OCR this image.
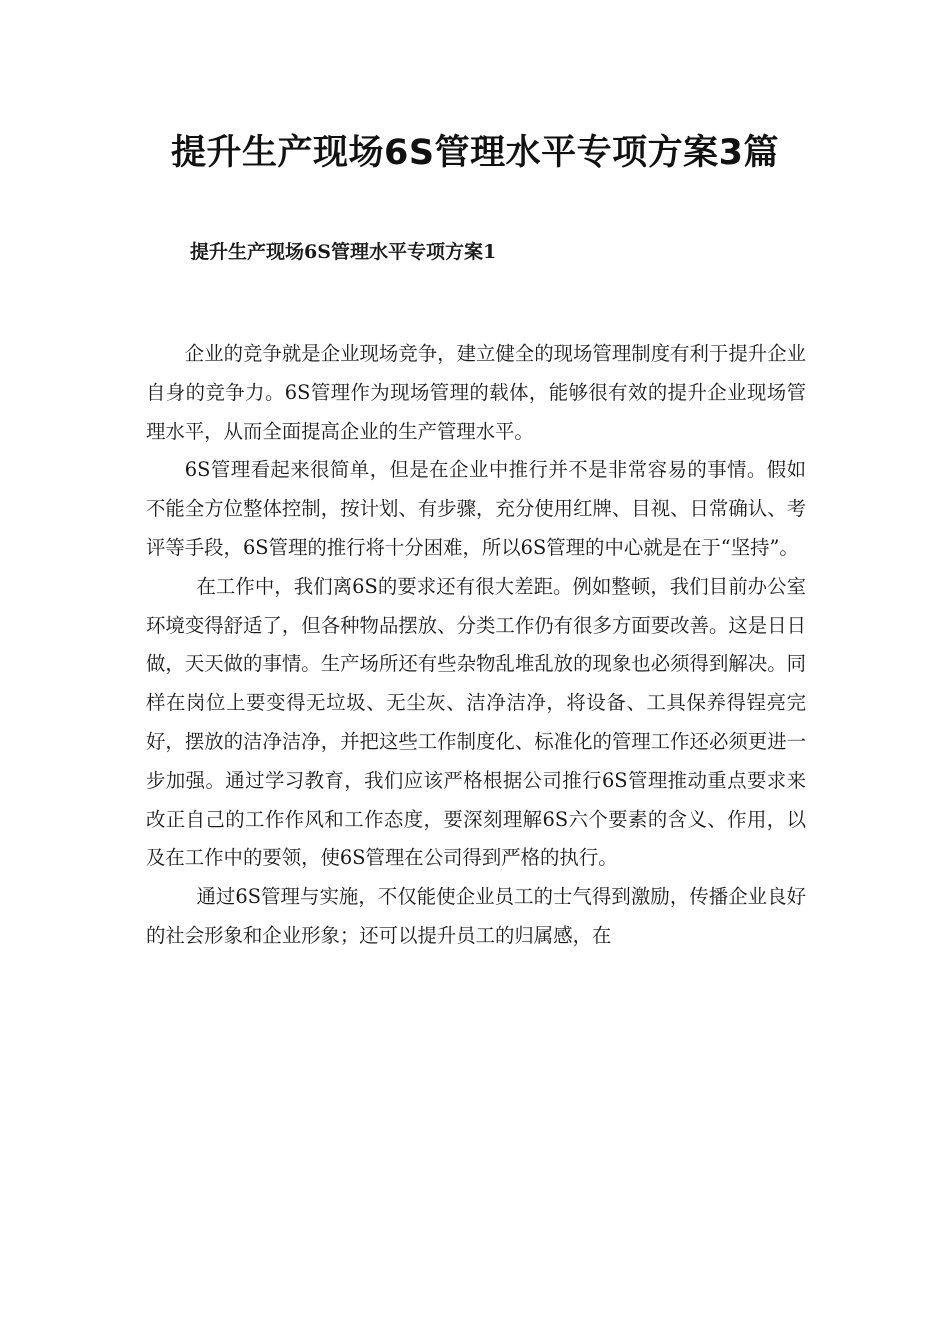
提升生产现场6S管理水平专项方案3篇
提升生产现场6S管理水平专项方案1

企业的竞争就是企业现场竞争，建立健全的现场管理制度有利于提升企业自身的竞争力。6S管理作为现场管理的载体，能够很有效的提升企业现场管理水平，从而全面提高企业的生产管理水平。

6S管理看起来很简单，但是在企业中推行并不是非常容易的事情。假如不能全方位整体控制，按计划、有步骤，充分使用红牌、目视、日常确认、考评等手段，6S管理的推行将十分困难，所以6S管理的中心就是在于“坚持”。

在工作中，我们离6S的要求还有很大差距。例如整顿，我们目前办公室环境变得舒适了，但各种物品摆放、分类工作仍有很多方面要改善。这是日日做，天天做的事情。生产场所还有些杂物乱堆乱放的现象也必须得到解决。同样在岗位上要变得无垃圾、无尘灰、洁净洁净，将设备、工具保养得锃亮完好，摆放的洁净洁净，并把这些工作制度化、标准化的管理工作还必须更进一步加强。通过学习教育，我们应该严格根据公司推行6S管理推动重点要求来改正自己的工作作风和工作态度，要深刻理解6S六个要素的含义、作用，以及在工作中的要领，使6S管理在公司得到严格的执行。

通过6S管理与实施，不仅能使企业员工的士气得到激励，传播企业良好的社会形象和企业形象；还可以提升员工的归属感，在
